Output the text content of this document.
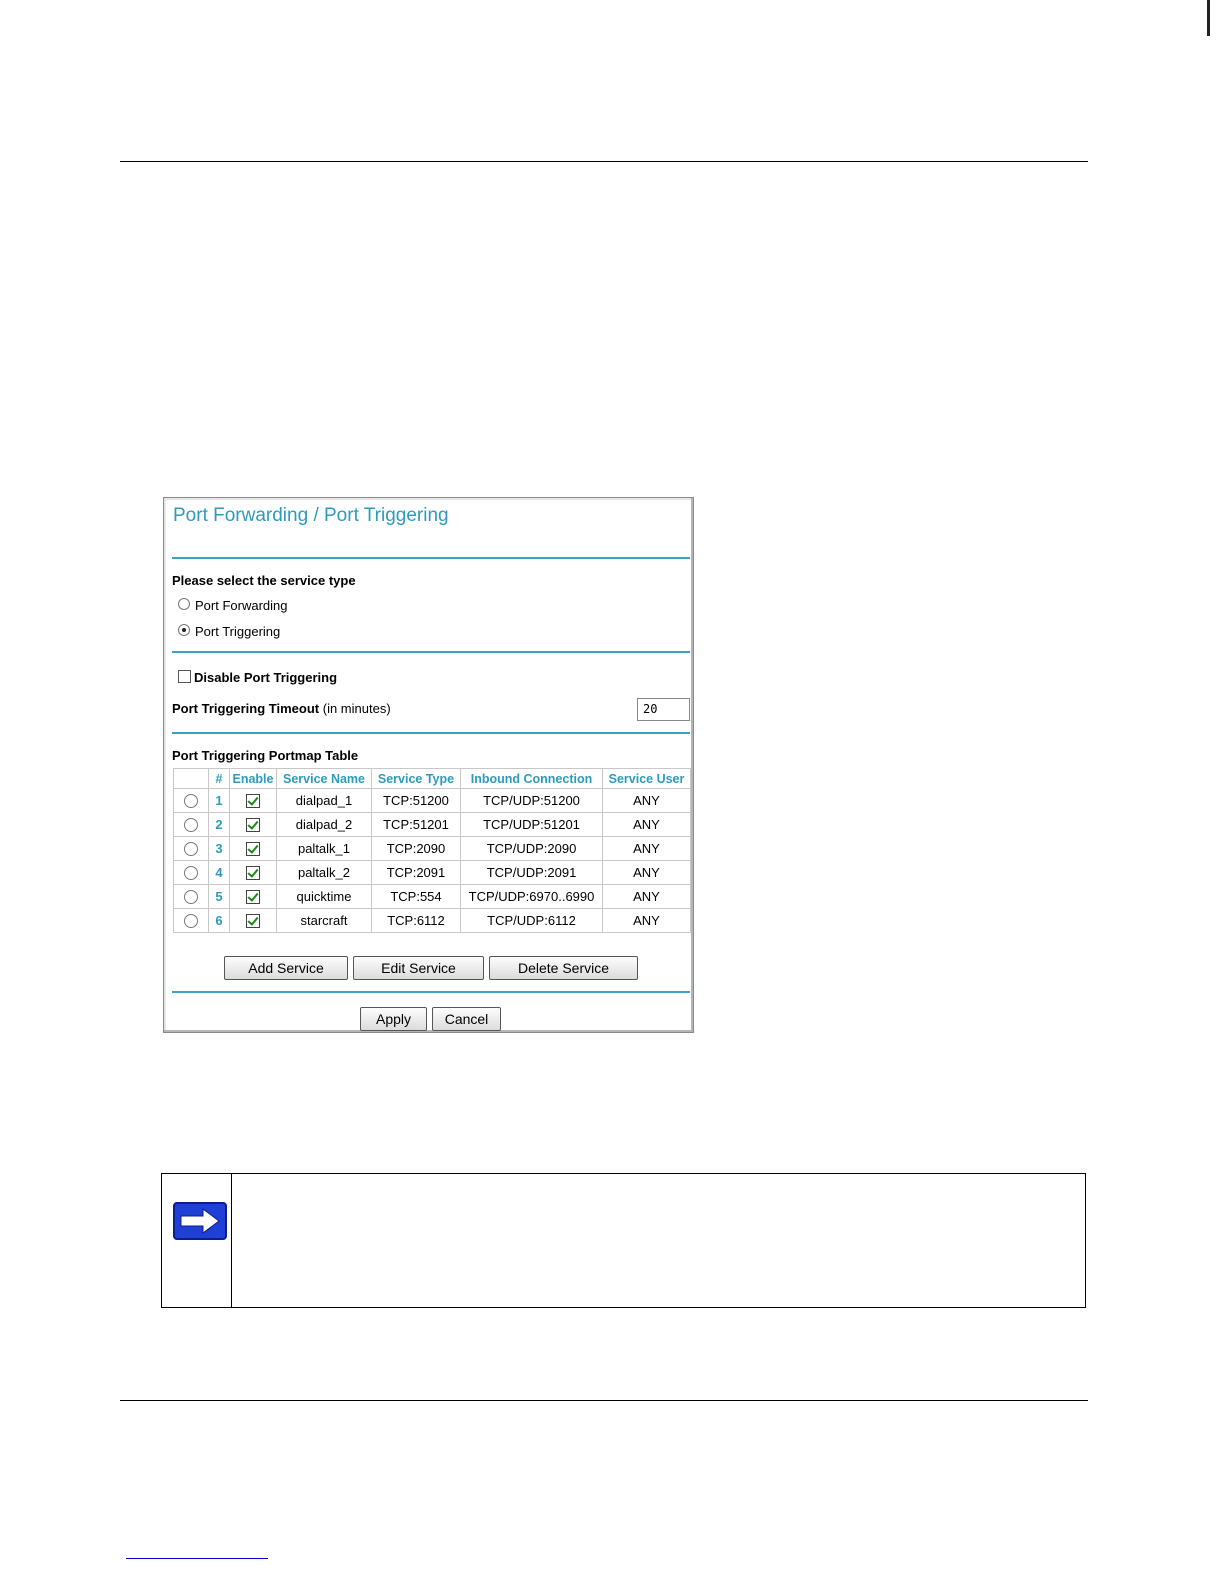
Port Forwarding / Port Triggering
Please select the service type
Port Forwarding
Port Triggering
Disable Port Triggering
Port Triggering Timeout (in minutes)	20
Port Triggering Portmap Table
	#	Enable	Service Name	Service Type	Inbound Connection	Service User
	1		dialpad_1	TCP:51200	TCP/UDP:51200	ANY
	2		dialpad_2	TCP:51201	TCP/UDP:51201	ANY
	3		paltalk_1	TCP:2090	TCP/UDP:2090	ANY
	4		paltalk_2	TCP:2091	TCP/UDP:2091	ANY
	5		quicktime	TCP:554	TCP/UDP:6970..6990	ANY
	6		starcraft	TCP:6112	TCP/UDP:6112	ANY
Add Service	Edit Service	Delete Service
Apply	Cancel
